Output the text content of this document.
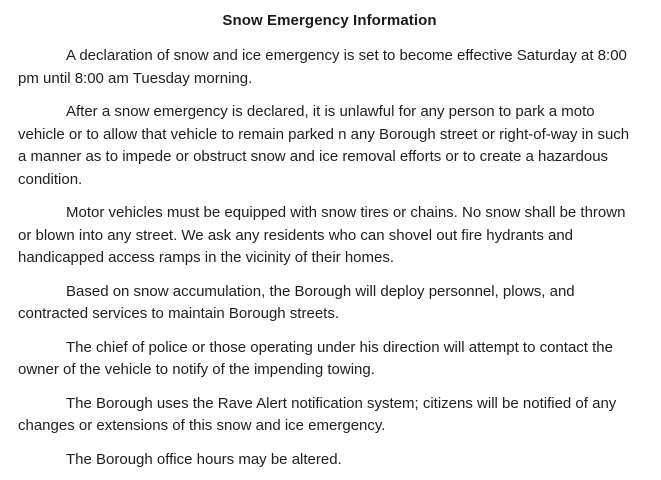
Snow Emergency Information

A declaration of snow and ice emergency is set to become effective Saturday at 8:00 pm until 8:00 am Tuesday morning.

After a snow emergency is declared, it is unlawful for any person to park a moto vehicle or to allow that vehicle to remain parked n any Borough street or right-of-way in such a manner as to impede or obstruct snow and ice removal efforts or to create a hazardous condition.

Motor vehicles must be equipped with snow tires or chains. No snow shall be thrown or blown into any street. We ask any residents who can shovel out fire hydrants and handicapped access ramps in the vicinity of their homes.

Based on snow accumulation, the Borough will deploy personnel, plows, and contracted services to maintain Borough streets.

The chief of police or those operating under his direction will attempt to contact the owner of the vehicle to notify of the impending towing.

The Borough uses the Rave Alert notification system; citizens will be notified of any changes or extensions of this snow and ice emergency.

The Borough office hours may be altered.
